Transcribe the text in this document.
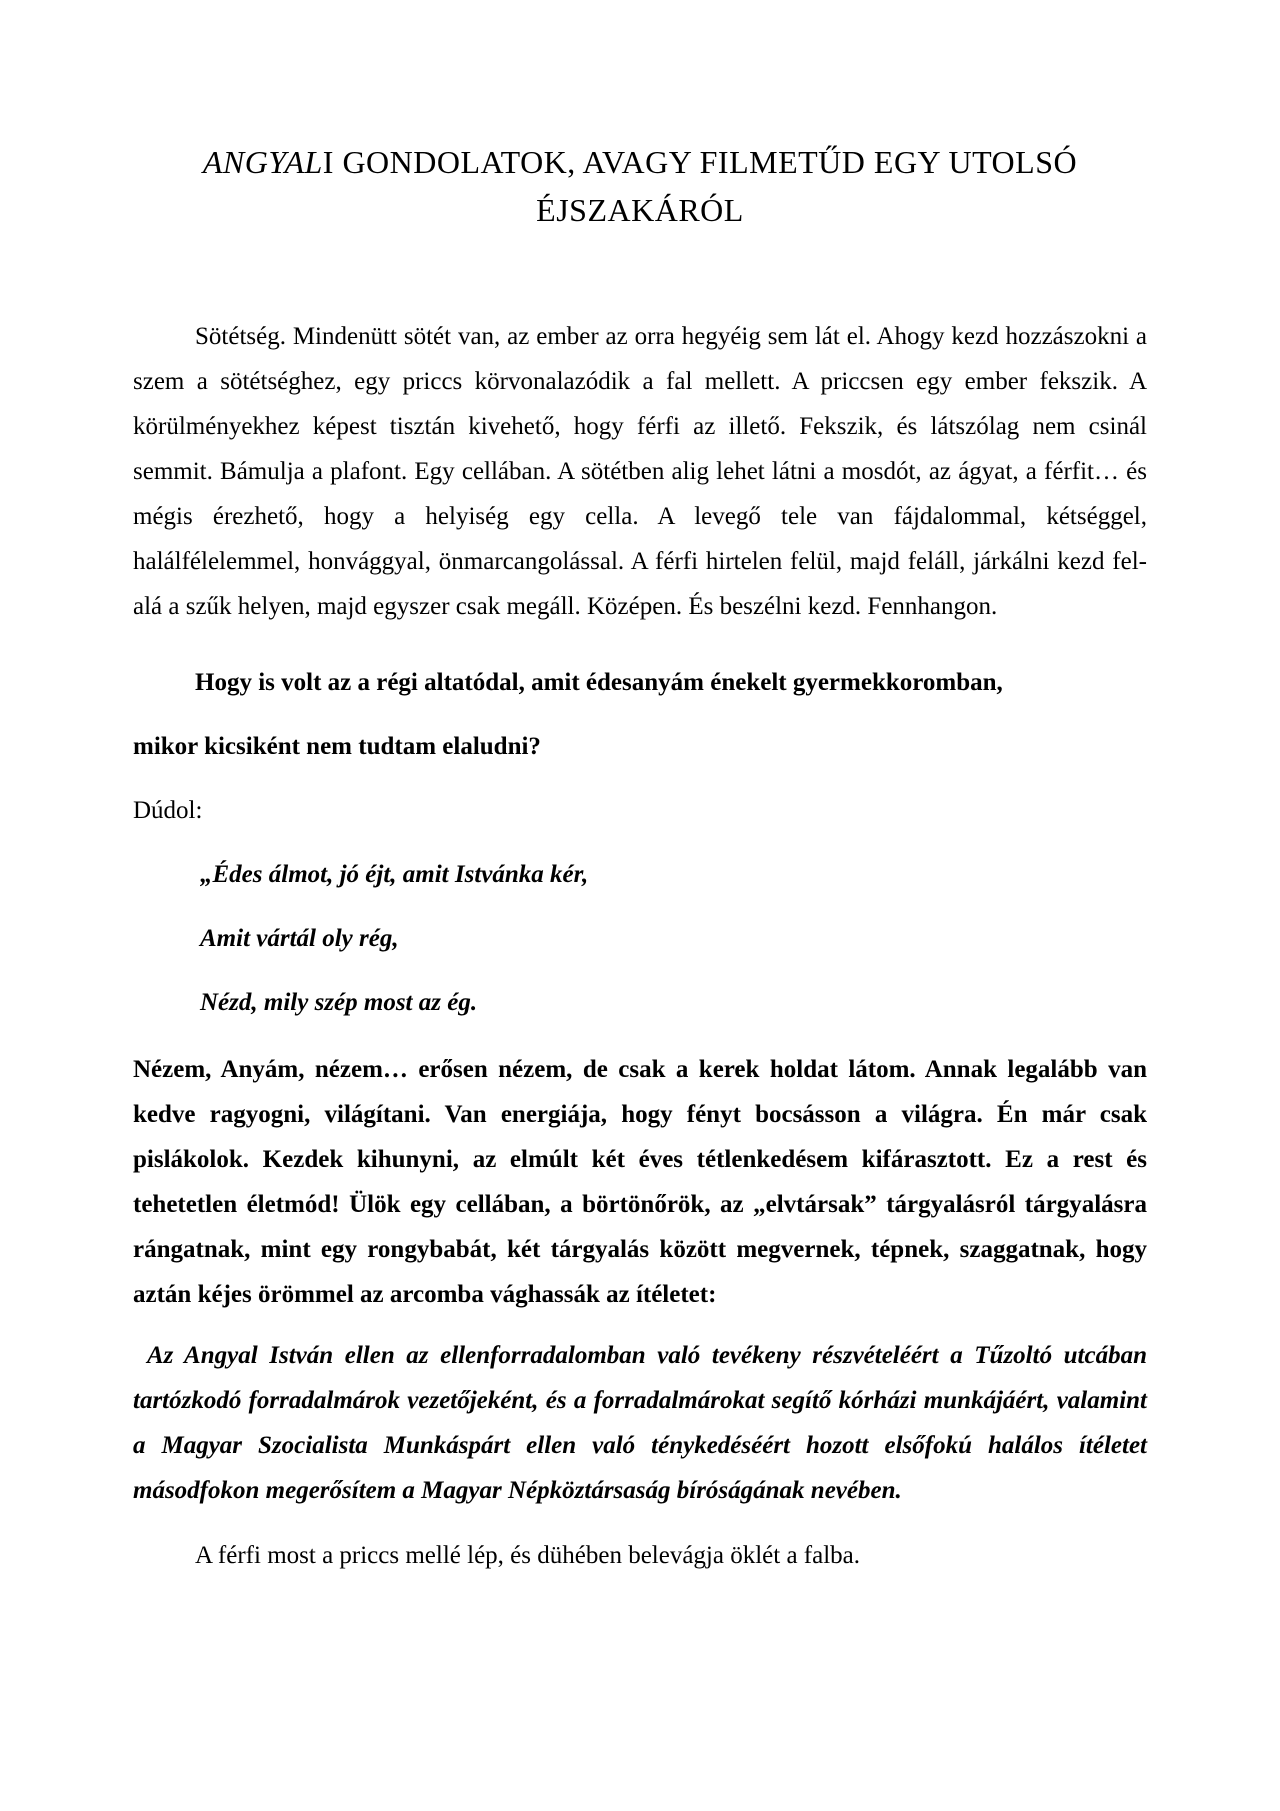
ANGYALI GONDOLATOK, AVAGY FILMETŰD EGY UTOLSÓ
ÉJSZAKÁRÓL

Sötétség. Mindenütt sötét van, az ember az orra hegyéig sem lát el. Ahogy kezd hozzászokni a szem a sötétséghez, egy priccs körvonalazódik a fal mellett. A priccsen egy ember fekszik. A körülményekhez képest tisztán kivehető, hogy férfi az illető. Fekszik, és látszólag nem csinál semmit. Bámulja a plafont. Egy cellában. A sötétben alig lehet látni a mosdót, az ágyat, a férfit… és mégis érezhető, hogy a helyiség egy cella. A levegő tele van fájdalommal, kétséggel, halálfélelemmel, honvággyal, önmarcangolással. A férfi hirtelen felül, majd feláll, járkálni kezd fel-alá a szűk helyen, majd egyszer csak megáll. Középen. És beszélni kezd. Fennhangon.

Hogy is volt az a régi altatódal, amit édesanyám énekelt gyermekkoromban,
mikor kicsiként nem tudtam elaludni?

Dúdol:

„Édes álmot, jó éjt, amit Istvánka kér,
Amit vártál oly rég,
Nézd, mily szép most az ég.

Nézem, Anyám, nézem… erősen nézem, de csak a kerek holdat látom. Annak legalább van kedve ragyogni, világítani. Van energiája, hogy fényt bocsásson a világra. Én már csak pislákolok. Kezdek kihunyni, az elmúlt két éves tétlenkedésem kifárasztott. Ez a rest és tehetetlen életmód! Ülök egy cellában, a börtönőrök, az „elvtársak” tárgyalásról tárgyalásra rángatnak, mint egy rongybabát, két tárgyalás között megvernek, tépnek, szaggatnak, hogy aztán kéjes örömmel az arcomba vághassák az ítéletet:

Az Angyal István ellen az ellenforradalomban való tevékeny részvételéért a Tűzoltó utcában tartózkodó forradalmárok vezetőjeként, és a forradalmárokat segítő kórházi munkájáért, valamint a Magyar Szocialista Munkáspárt ellen való ténykedéséért hozott elsőfokú halálos ítéletet másodfokon megerősítem a Magyar Népköztársaság bíróságának nevében.

A férfi most a priccs mellé lép, és dühében belevágja öklét a falba.
